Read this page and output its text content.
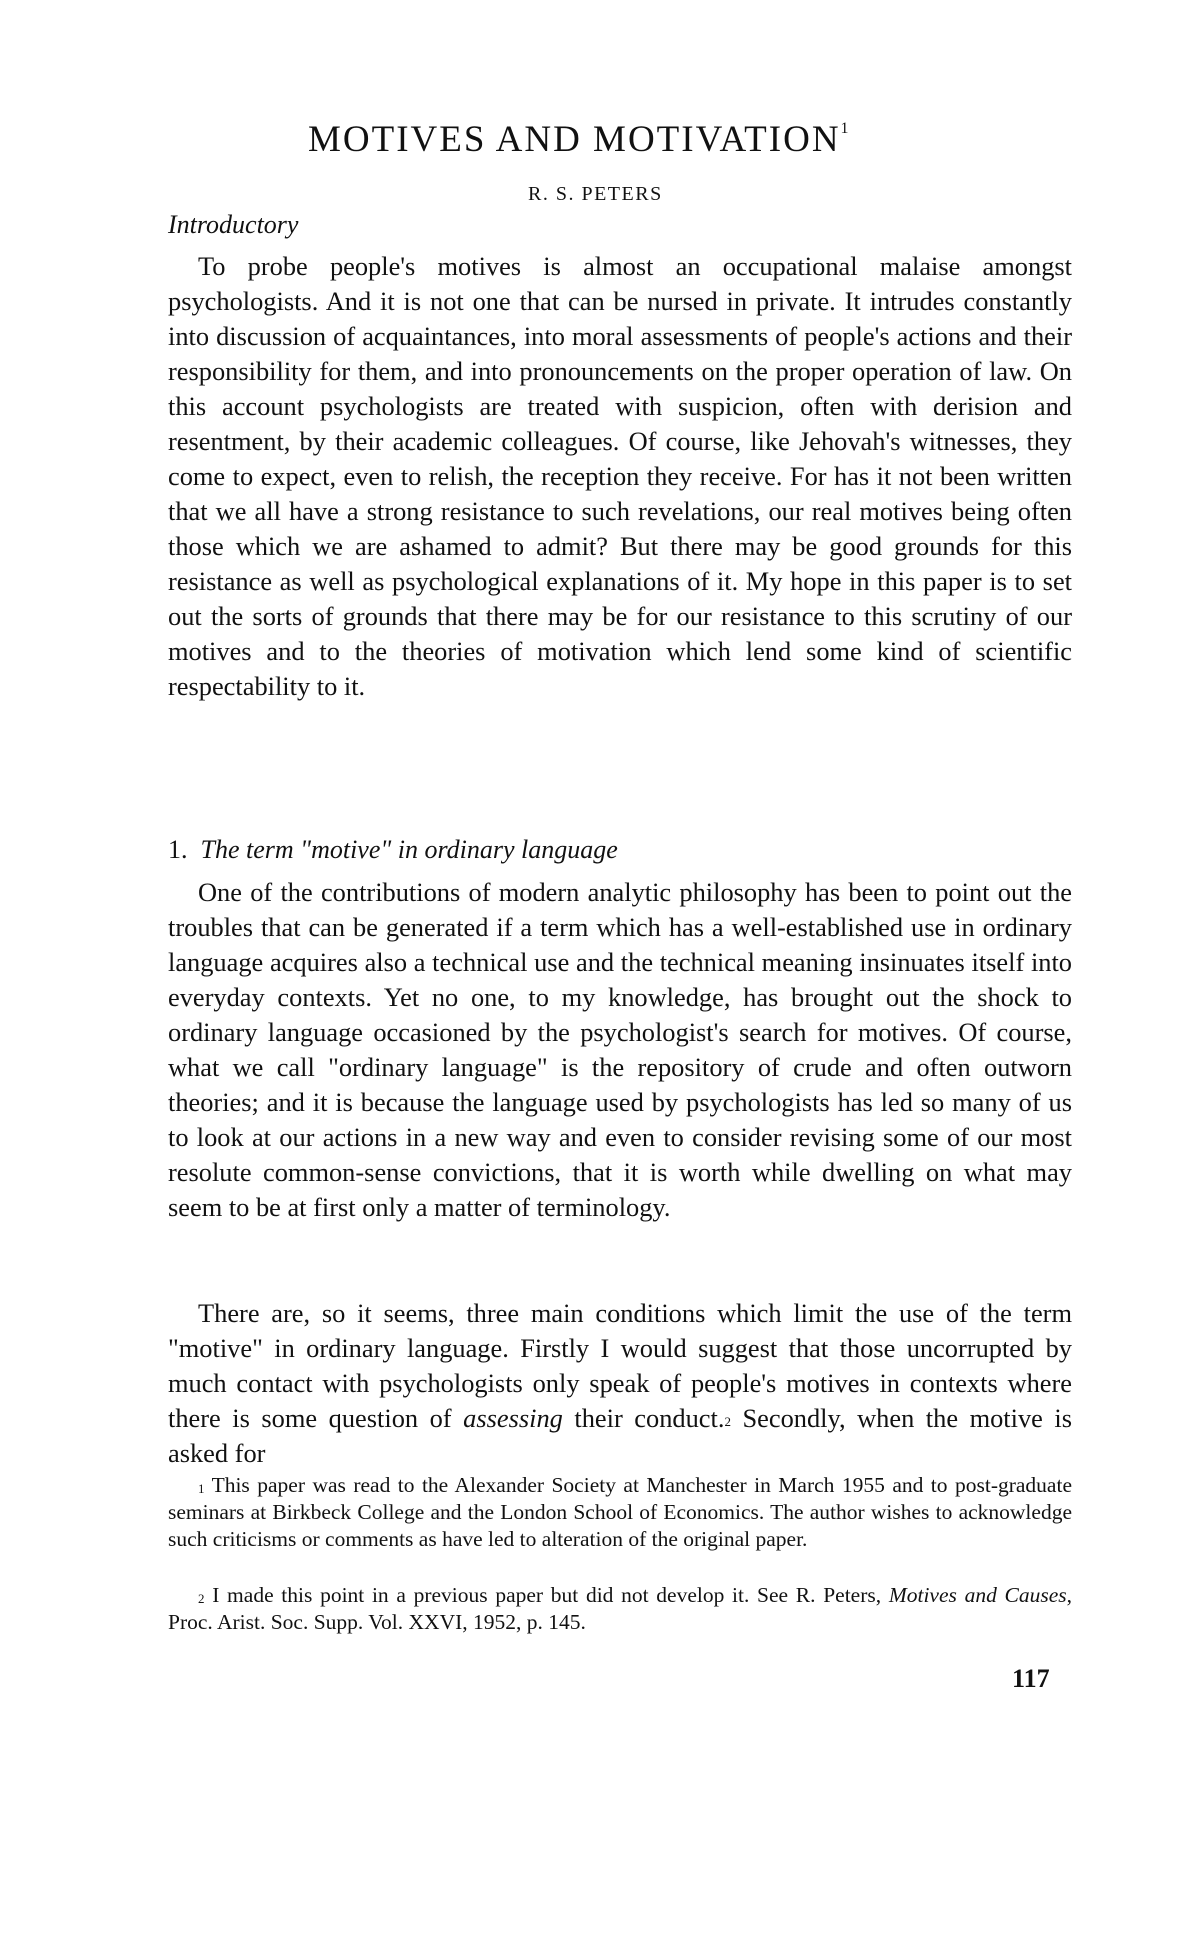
MOTIVES AND MOTIVATION$^1$
R. S. PETERS
Introductory

To probe people's motives is almost an occupational malaise amongst psychologists. And it is not one that can be nursed in private. It intrudes constantly into discussion of acquaintances, into moral assessments of people's actions and their responsibility for them, and into pronouncements on the proper operation of law. On this account psychologists are treated with suspicion, often with derision and resentment, by their academic colleagues. Of course, like Jehovah's witnesses, they come to expect, even to relish, the reception they receive. For has it not been written that we all have a strong resistance to such revelations, our real motives being often those which we are ashamed to admit? But there may be good grounds for this resistance as well as psychological explanations of it. My hope in this paper is to set out the sorts of grounds that there may be for our resistance to this scrutiny of our motives and to the theories of motivation which lend some kind of scientific respectability to it.

1. The term "motive" in ordinary language

One of the contributions of modern analytic philosophy has been to point out the troubles that can be generated if a term which has a well-established use in ordinary language acquires also a technical use and the technical meaning insinuates itself into everyday contexts. Yet no one, to my knowledge, has brought out the shock to ordinary language occasioned by the psychologist's search for motives. Of course, what we call "ordinary language" is the repository of crude and often outworn theories; and it is because the language used by psychologists has led so many of us to look at our actions in a new way and even to consider revising some of our most resolute common-sense convictions, that it is worth while dwelling on what may seem to be at first only a matter of terminology.

There are, so it seems, three main conditions which limit the use of the term "motive" in ordinary language. Firstly I would suggest that those uncorrupted by much contact with psychologists only speak of people's motives in contexts where there is some question of assessing their conduct.$^2$ Secondly, when the motive is asked for

$^1$ This paper was read to the Alexander Society at Manchester in March 1955 and to post-graduate seminars at Birkbeck College and the London School of Economics. The author wishes to acknowledge such criticisms or comments as have led to alteration of the original paper.

$^2$ I made this point in a previous paper but did not develop it. See R. Peters, Motives and Causes, Proc. Arist. Soc. Supp. Vol. XXVI, 1952, p. 145.

117
